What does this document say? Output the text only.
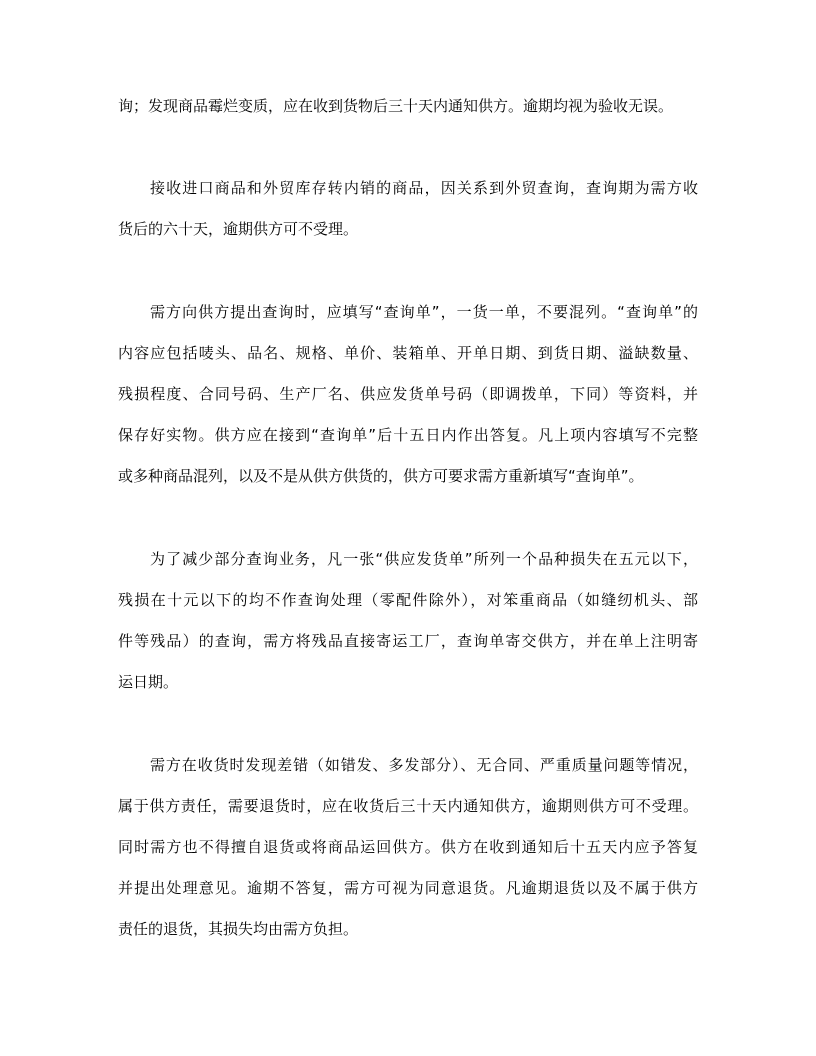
询；发现商品霉烂变质，应在收到货物后三十天内通知供方。逾期均视为验收无误。
接收进口商品和外贸库存转内销的商品，因关系到外贸查询，查询期为需方收
货后的六十天，逾期供方可不受理。
需方向供方提出查询时，应填写“查询单”，一货一单，不要混列。“查询单”的
内容应包括唛头、品名、规格、单价、装箱单、开单日期、到货日期、溢缺数量、
残损程度、合同号码、生产厂名、供应发货单号码（即调拨单，下同）等资料，并
保存好实物。供方应在接到“查询单”后十五日内作出答复。凡上项内容填写不完整
或多种商品混列，以及不是从供方供货的，供方可要求需方重新填写“查询单”。
为了减少部分查询业务，凡一张“供应发货单”所列一个品种损失在五元以下，
残损在十元以下的均不作查询处理（零配件除外），对笨重商品（如缝纫机头、部
件等残品）的查询，需方将残品直接寄运工厂，查询单寄交供方，并在单上注明寄
运日期。
需方在收货时发现差错（如错发、多发部分）、无合同、严重质量问题等情况，
属于供方责任，需要退货时，应在收货后三十天内通知供方，逾期则供方可不受理。
同时需方也不得擅自退货或将商品运回供方。供方在收到通知后十五天内应予答复
并提出处理意见。逾期不答复，需方可视为同意退货。凡逾期退货以及不属于供方
责任的退货，其损失均由需方负担。
